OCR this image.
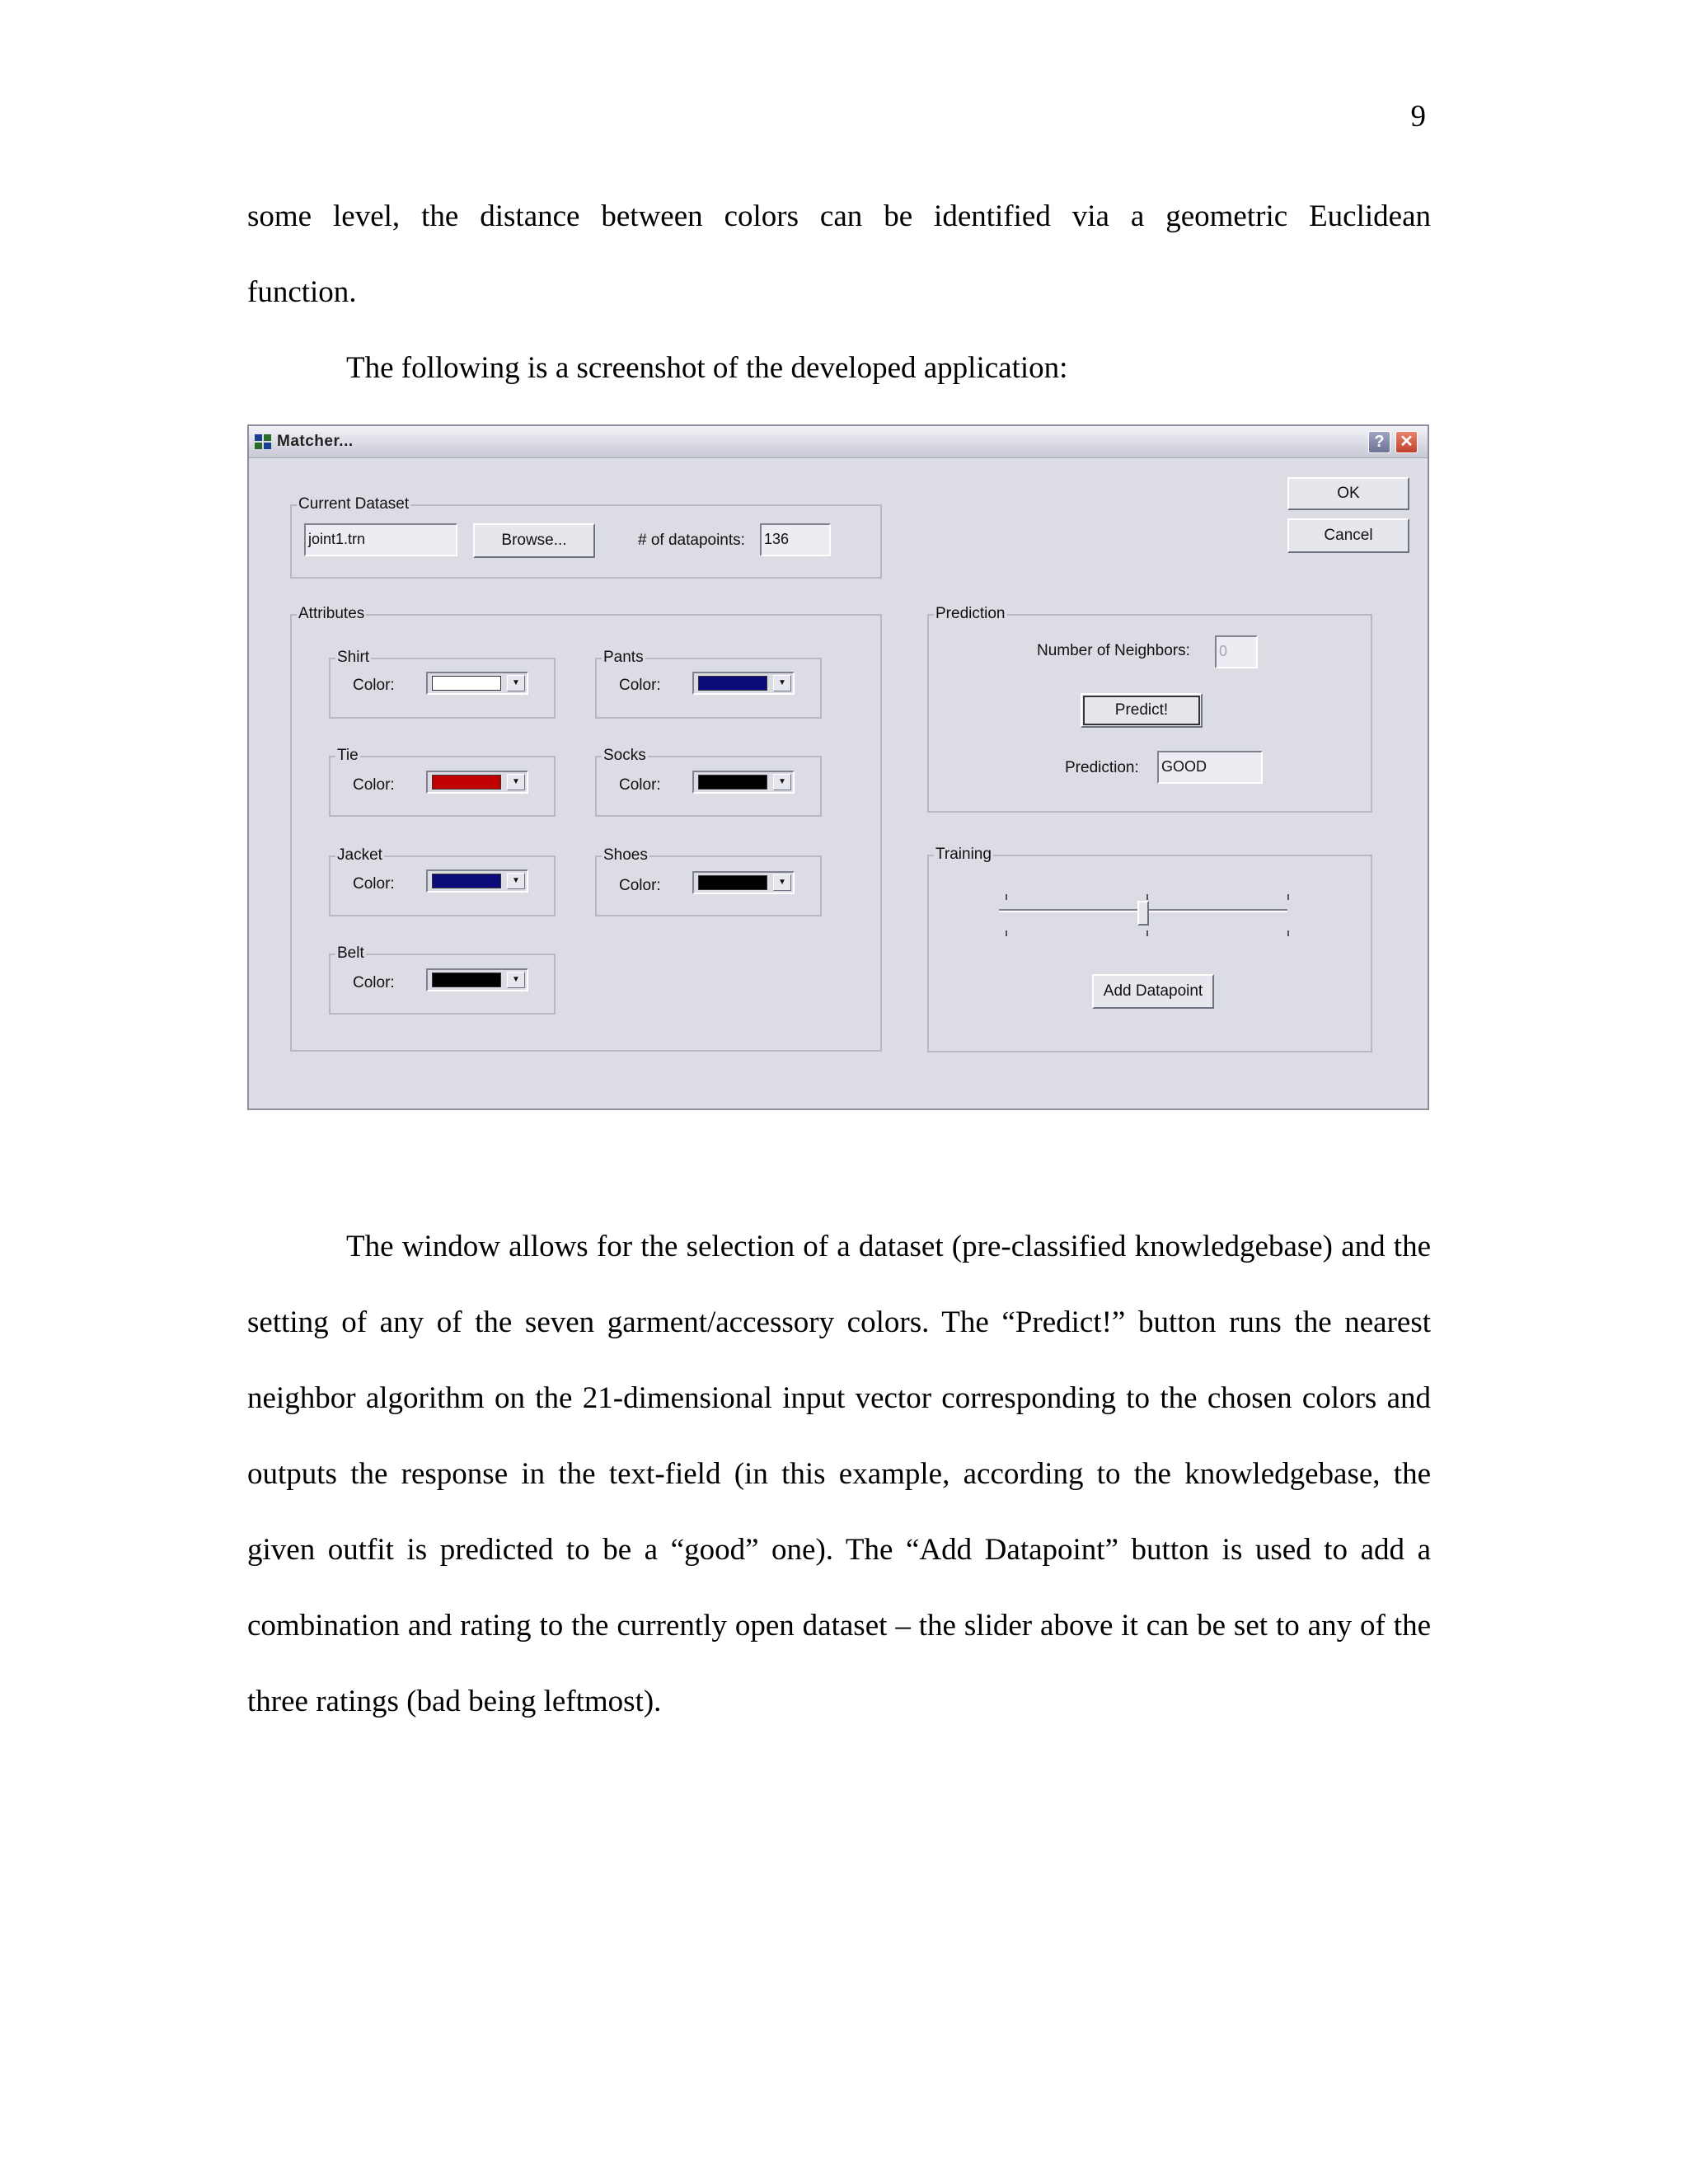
9

some level, the distance between colors can be identified via a geometric Euclidean

function.

The following is a screenshot of the developed application:

Matcher...	? ✕
OK
Cancel
Current Dataset
joint1.trn	Browse...	# of datapoints: 136
Attributes
Shirt
Color:	▼
Pants
Color:	▼
Tie
Color:	▼
Socks
Color:	▼
Jacket
Color:	▼
Shoes
Color:	▼
Belt
Color:	▼
Prediction
Number of Neighbors: 0
Predict!
Prediction: GOOD
Training
Add Datapoint

The window allows for the selection of a dataset (pre-classified knowledgebase) and the setting of any of the seven garment/accessory colors. The “Predict!” button runs the nearest neighbor algorithm on the 21-dimensional input vector corresponding to the chosen colors and outputs the response in the text-field (in this example, according to the knowledgebase, the given outfit is predicted to be a “good” one). The “Add Datapoint” button is used to add a combination and rating to the currently open dataset – the slider above it can be set to any of the three ratings (bad being leftmost).
